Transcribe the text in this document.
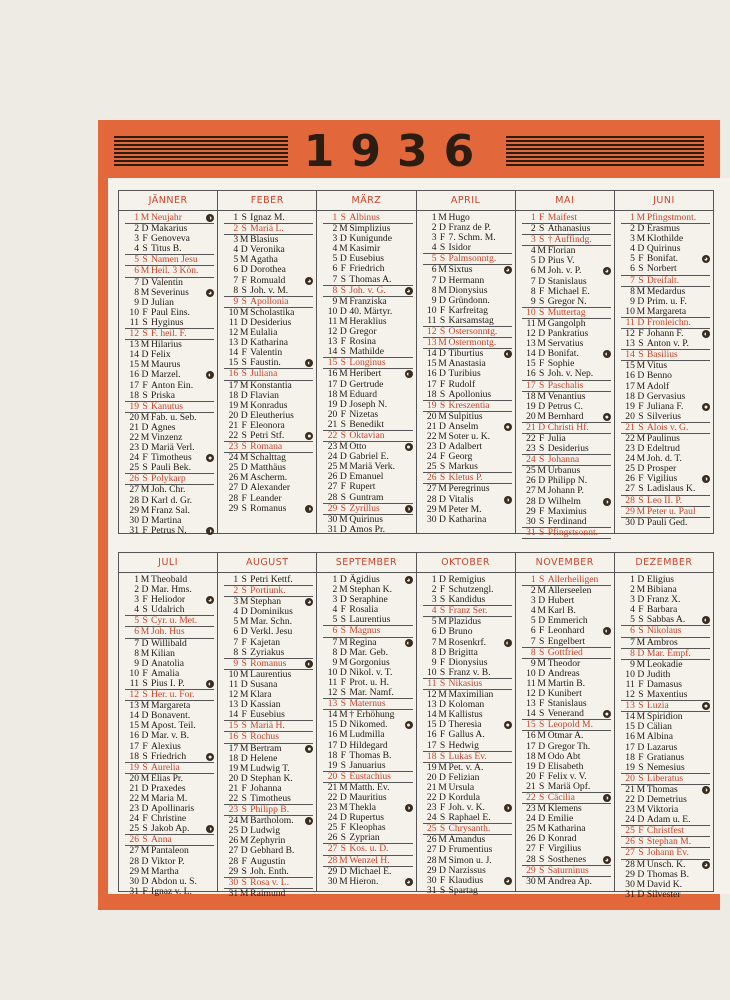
1936
JÄNNER
1 M Neujahr	◑
2 D Makarius
3 F Genoveva
4 S Titus B.
5 S Namen Jesu
6 M Heil. 3 Kön.
7 D Valentin
8 M Severinus	◕
9 D Julian
10 F Paul Eins.
11 S Hyginus
12 S F. heil. F.
13 M Hilarius
14 D Felix
15 M Maurus
16 D Marzel.	◐
17 F Anton Ein.
18 S Priska
19 S Kanutus
20 M Fab. u. Seb.
21 D Agnes
22 M Vinzenz
23 D Mariä Verl.
24 F Timotheus	●
25 S Pauli Bek.
26 S Polykarp
27 M Joh. Chr.
28 D Karl d. Gr.
29 M Franz Sal.
30 D Martina
31 F Petrus N.	◑
FEBER
1 S Ignaz M.
2 S Mariä L.
3 M Blasius
4 D Veronika
5 M Agatha
6 D Dorothea
7 F Romuald	◕
8 S Joh. v. M.
9 S Apollonia
10 M Scholastika
11 D Desiderius
12 M Eulalia
13 D Katharina
14 F Valentin
15 S Faustin.	◐
16 S Juliana
17 M Konstantia
18 D Flavian
19 M Konradus
20 D Eleutherius
21 F Eleonora
22 S Petri Stf.	●
23 S Romana
24 M Schalttag
25 D Matthäus
26 M Ascherm.
27 D Alexander
28 F Leander
29 S Romanus	◑
MÄRZ
1 S Albinus
2 M Simplizius
3 D Kunigunde
4 M Kasimir
5 D Eusebius
6 F Friedrich
7 S Thomas A.
8 S Joh. v. G.	◕
9 M Franziska
10 D 40. Märtyr.
11 M Heraklius
12 D Gregor
13 F Rosina
14 S Mathilde
15 S Longinus
16 M Heribert	◐
17 D Gertrude
18 M Eduard
19 D Joseph N.
20 F Nizetas
21 S Benedikt
22 S Oktavian
23 M Otto	●
24 D Gabriel E.
25 M Mariä Verk.
26 D Emanuel
27 F Rupert
28 S Guntram
29 S Zyrillus	◑
30 M Quirinus
31 D Amos Pr.
APRIL
1 M Hugo
2 D Franz de P.
3 F 7. Schm. M.
4 S Isidor
5 S Palmsonntg.
6 M Sixtus	◕
7 D Hermann
8 M Dionysius
9 D Gründonn.
10 F Karfreitag
11 S Karsamstag
12 S Ostersonntg.
13 M Ostermontg.
14 D Tiburtius	◐
15 M Anastasia
16 D Turibius
17 F Rudolf
18 S Apollonius
19 S Kreszentia
20 M Sulpitius
21 D Anselm	●
22 M Soter u. K.
23 D Adalbert
24 F Georg
25 S Markus
26 S Kletus P.
27 M Peregrinus
28 D Vitalis	◑
29 M Peter M.
30 D Katharina
MAI
1 F Maifest
2 S Athanasius
3 S † Auffindg.
4 M Florian
5 D Pius V.
6 M Joh. v. P.	◕
7 D Stanislaus
8 F Michael E.
9 S Gregor N.
10 S Muttertag
11 M Gangolph
12 D Pankratius
13 M Servatius
14 D Bonifat.	◐
15 F Sophie
16 S Joh. v. Nep.
17 S Paschalis
18 M Venantius
19 D Petrus C.
20 M Bernhard	●
21 D Christi Hf.
22 F Julia
23 S Desiderius
24 S Johanna
25 M Urbanus
26 D Philipp N.
27 M Johann P.
28 D Wilhelm	◑
29 F Maximius
30 S Ferdinand
31 S Pfingstsonnt.
JUNI
1 M Pfingstmont.
2 D Erasmus
3 M Klothilde
4 D Quirinus
5 F Bonifat.	◕
6 S Norbert
7 S Dreifalt.
8 M Medardus
9 D Prim. u. F.
10 M Margareta
11 D Fronleichn.
12 F Johann F.	◐
13 S Anton v. P.
14 S Basilius
15 M Vitus
16 D Benno
17 M Adolf
18 D Gervasius
19 F Juliana F.	●
20 S Silverius
21 S Alois v. G.
22 M Paulinus
23 D Edeltrud
24 M Joh. d. T.
25 D Prosper
26 F Vigilius	◑
27 S Ladislaus K.
28 S Leo II. P.
29 M Peter u. Paul
30 D Pauli Ged.
JULI
1 M Theobald
2 D Mar. Hms.
3 F Heliodor	◕
4 S Udalrich
5 S Cyr. u. Met.
6 M Joh. Hus
7 D Willibald
8 M Kilian
9 D Anatolia
10 F Amalia
11 S Pius I. P.	◐
12 S Her. u. For.
13 M Margareta
14 D Bonavent.
15 M Apost. Teil.
16 D Mar. v. B.
17 F Alexius
18 S Friedrich	●
19 S Aurelia
20 M Elias Pr.
21 D Praxedes
22 M Maria M.
23 D Apollinaris
24 F Christine
25 S Jakob Ap.	◑
26 S Anna
27 M Pantaleon
28 D Viktor P.
29 M Martha
30 D Abdon u. S.
31 F Ignaz v. L.
AUGUST
1 S Petri Kettf.
2 S Portiunk.
3 M Stephan	◕
4 D Dominikus
5 M Mar. Schn.
6 D Verkl. Jesu
7 F Kajetan
8 S Zyriakus
9 S Romanus	◐
10 M Laurentius
11 D Susana
12 M Klara
13 D Kassian
14 F Eusebius
15 S Mariä H.
16 S Rochus
17 M Bertram	●
18 D Helene
19 M Ludwig T.
20 D Stephan K.
21 F Johanna
22 S Timotheus
23 S Philipp B.
24 M Bartholom.	◑
25 D Ludwig
26 M Zephyrin
27 D Gebhard B.
28 F Augustin
29 S Joh. Enth.
30 S Rosa v. L.
31 M Raimund
SEPTEMBER
1 D Ägidius	◕
2 M Stephan K.
3 D Seraphine
4 F Rosalia
5 S Laurentius
6 S Magnus
7 M Regina	◐
8 D Mar. Geb.
9 M Gorgonius
10 D Nikol. v. T.
11 F Prot. u. H.
12 S Mar. Namf.
13 S Maternus
14 M † Erhöhung
15 D Nikomed.	●
16 M Ludmilla
17 D Hildegard
18 F Thomas B.
19 S Januarius
20 S Eustachius
21 M Matth. Ev.
22 D Mauritius
23 M Thekla	◑
24 D Rupertus
25 F Kleophas
26 S Zyprian
27 S Kos. u. D.
28 M Wenzel H.
29 D Michael E.
30 M Hieron.	◕
OKTOBER
1 D Remigius
2 F Schutzengl.
3 S Kandidus
4 S Franz Ser.
5 M Plazidus
6 D Bruno
7 M Rosenkrf.	◐
8 D Brigitta
9 F Dionysius
10 S Franz v. B.
11 S Nikasius
12 M Maximilian
13 D Koloman
14 M Kallistus
15 D Theresia	●
16 F Gallus A.
17 S Hedwig
18 S Lukas Ev.
19 M Pet. v. A.
20 D Felizian
21 M Ursula
22 D Kordula
23 F Joh. v. K.	◑
24 S Raphael E.
25 S Chrysanth.
26 M Amandus
27 D Frumentius
28 M Simon u. J.
29 D Narzissus
30 F Klaudius	◕
31 S Spartag
NOVEMBER
1 S Allerheiligen
2 M Allerseelen
3 D Hubert
4 M Karl B.
5 D Emmerich
6 F Leonhard	◐
7 S Engelbert
8 S Gottfried
9 M Theodor
10 D Andreas
11 M Martin B.
12 D Kunibert
13 F Stanislaus
14 S Venerand	●
15 S Leopold M.
16 M Otmar A.
17 D Gregor Th.
18 M Odo Abt
19 D Elisabeth
20 F Felix v. V.
21 S Mariä Opf.
22 S Cäcilia	◑
23 M Klemens
24 D Emilie
25 M Katharina
26 D Konrad
27 F Virgilius
28 S Sosthenes	◕
29 S Saturninus
30 M Andrea Ap.
DEZEMBER
1 D Eligius
2 M Bibiana
3 D Franz X.
4 F Barbara
5 S Sabbas A.	◐
6 S Nikolaus
7 M Ambros
8 D Mar. Empf.
9 M Leokadie
10 D Judith
11 F Damasus
12 S Maxentius
13 S Luzia	●
14 M Spiridion
15 D Cälian
16 M Albina
17 D Lazarus
18 F Gratianus
19 S Nemesius
20 S Liberatus
21 M Thomas	◑
22 D Demetrius
23 M Viktoria
24 D Adam u. E.
25 F Christfest
26 S Stephan M.
27 S Johann Ev.
28 M Unsch. K.	◕
29 D Thomas B.
30 M David K.
31 D Silvester
